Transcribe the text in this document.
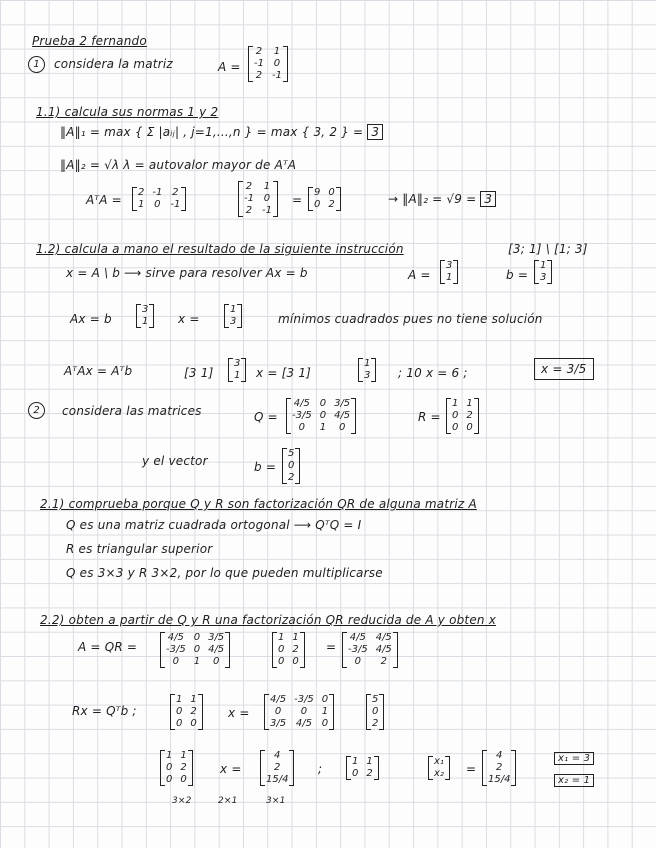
Prueba 2 fernando
1	considera la matriz	A =
2 1
-1 0
2 -1
1.1) calcula sus normas 1 y 2
‖A‖₁ = max { Σ |aᵢⱼ| , j=1,...,n } = max { 3, 2 } = 3
‖A‖₂ = √λ λ = autovalor mayor de AᵀA
AᵀA =
2 -1 2
1 0 -1
2 1
-1 0
2 -1
=
9 0
0 2	→ ‖A‖₂ = √9 = 3
1.2) calcula a mano el resultado de la siguiente instrucción	[3; 1] \ [1; 3]
x = A \ b ⟶ sirve para resolver Ax = b	A =
3
1	b =
1
3
Ax = b
3
1 x =
1
3	mínimos cuadrados pues no tiene solución
AᵀAx = Aᵀb	[3 1]
3
1 x = [3 1]
1
3 ; 10 x = 6 ;	x = 3/5
2	considera las matrices	Q =
4/5 0 3/5
-3/5 0 4/5
0	1	0
R =
1 1
0 2
0 0
y el vector	b =
5
0
2
2.1) comprueba porque Q y R son factorización QR de alguna matriz A
Q es una matriz cuadrada ortogonal ⟶ QᵀQ = I
R es triangular superior
Q es 3×3 y R 3×2, por lo que pueden multiplicarse
2.2) obten a partir de Q y R una factorización QR reducida de A y obten x
A = QR =
4/5 0 3/5
-3/5 0 4/5
0	1	0
1 1
0 2
0 0
=
4/5 4/5
-3/5 4/5
0	2
Rx = Qᵀb ;
1 1
0 2
0 0
x =
4/5 -3/5 0
0	0	1
3/5 4/5 0
5
0
2
1 1
0 2
0 0
x =
4
2
15/4
;
1 1
0 2
x₁
x₂ =
4
2
15/4
x₁ = 3
x₂ = 1
3×2	2×1	3×1
